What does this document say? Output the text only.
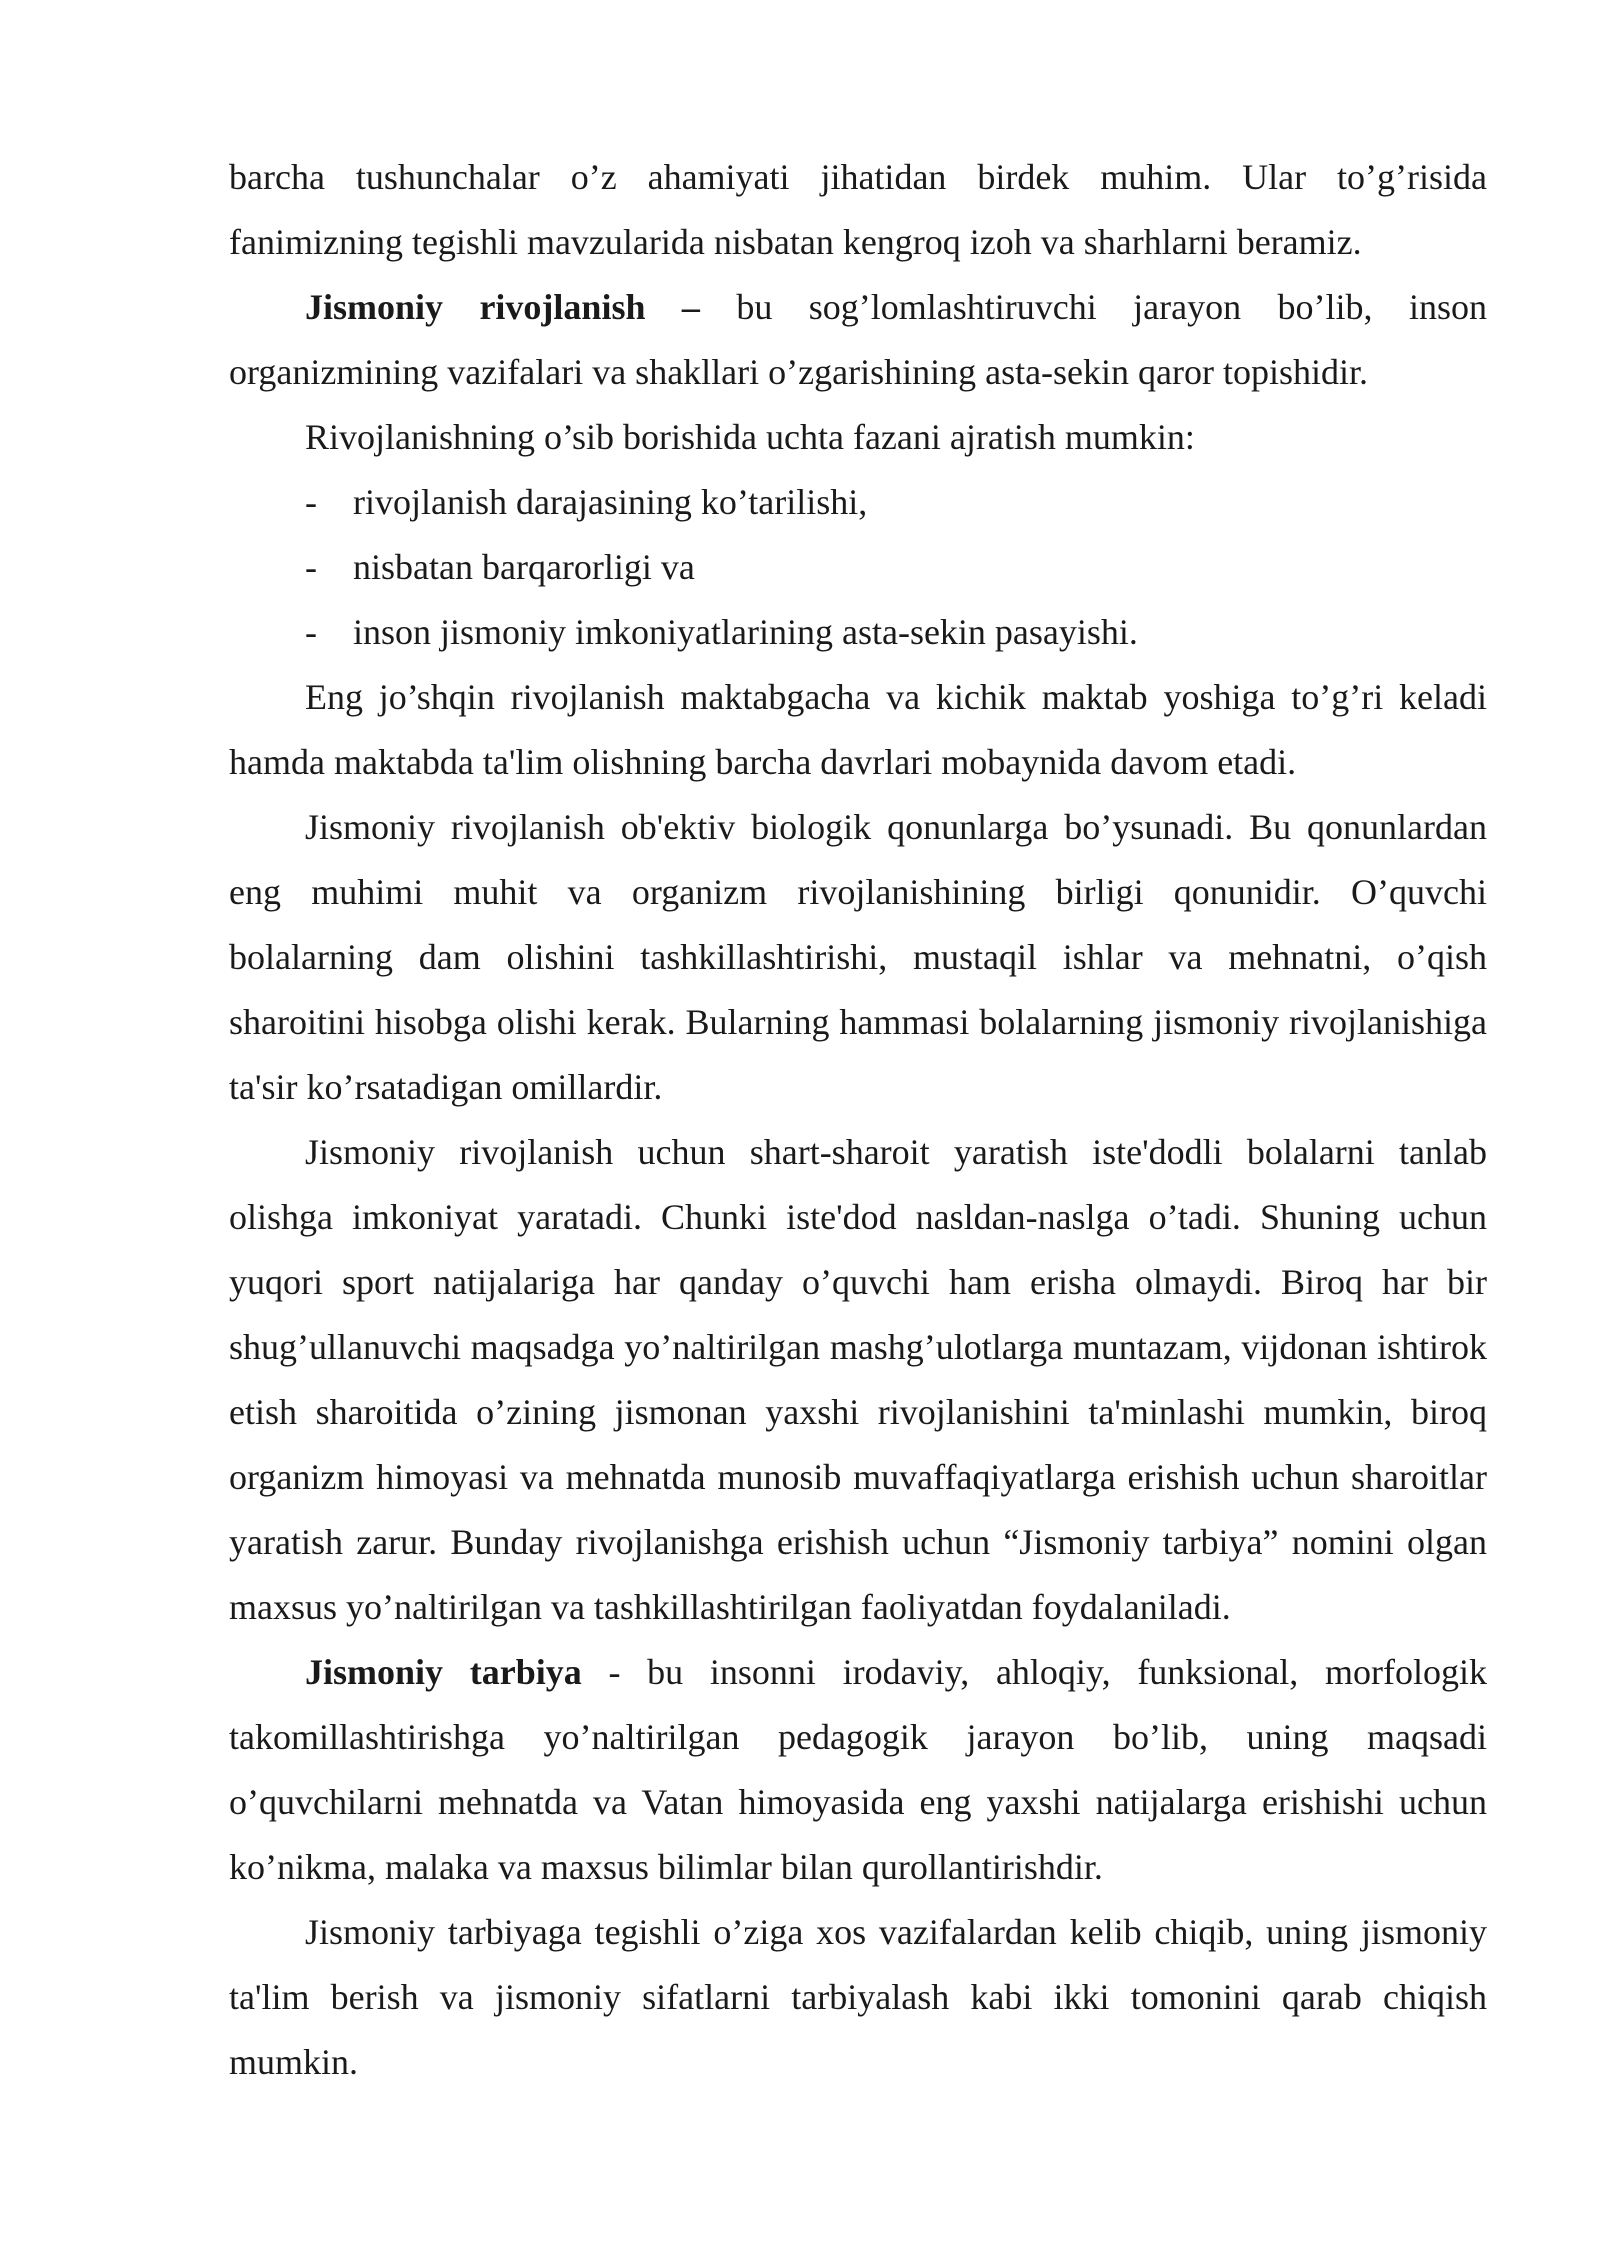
barcha tushunchalar o’z ahamiyati jihatidan birdek muhim. Ular to’g’risida fanimizning tegishli mavzularida nisbatan kengroq izoh va sharhlarni beramiz.

Jismoniy rivojlanish – bu sog’lomlashtiruvchi jarayon bo’lib, inson organizmining vazifalari va shakllari o’zgarishining asta-sekin qaror topishidir.

Rivojlanishning o’sib borishida uchta fazani ajratish mumkin:

-	rivojlanish darajasining ko’tarilishi,
-	nisbatan barqarorligi va
-	inson jismoniy imkoniyatlarining asta-sekin pasayishi.

Eng jo’shqin rivojlanish maktabgacha va kichik maktab yoshiga to’g’ri keladi hamda maktabda ta'lim olishning barcha davrlari mobaynida davom etadi.

Jismoniy rivojlanish ob'ektiv biologik qonunlarga bo’ysunadi. Bu qonunlardan eng muhimi muhit va organizm rivojlanishining birligi qonunidir. O’quvchi bolalarning dam olishini tashkillashtirishi, mustaqil ishlar va mehnatni, o’qish sharoitini hisobga olishi kerak. Bularning hammasi bolalarning jismoniy rivojlanishiga ta'sir ko’rsatadigan omillardir.

Jismoniy rivojlanish uchun shart-sharoit yaratish iste'dodli bolalarni tanlab olishga imkoniyat yaratadi. Chunki iste'dod nasldan-naslga o’tadi. Shuning uchun yuqori sport natijalariga har qanday o’quvchi ham erisha olmaydi. Biroq har bir shug’ullanuvchi maqsadga yo’naltirilgan mashg’ulotlarga muntazam, vijdonan ishtirok etish sharoitida o’zining jismonan yaxshi rivojlanishini ta'minlashi mumkin, biroq organizm himoyasi va mehnatda munosib muvaffaqiyatlarga erishish uchun sharoitlar yaratish zarur. Bunday rivojlanishga erishish uchun “Jismoniy tarbiya” nomini olgan maxsus yo’naltirilgan va tashkillashtirilgan faoliyatdan foydalaniladi.

Jismoniy tarbiya - bu insonni irodaviy, ahloqiy, funksional, morfologik takomillashtirishga yo’naltirilgan pedagogik jarayon bo’lib, uning maqsadi o’quvchilarni mehnatda va Vatan himoyasida eng yaxshi natijalarga erishishi uchun ko’nikma, malaka va maxsus bilimlar bilan qurollantirishdir.

Jismoniy tarbiyaga tegishli o’ziga xos vazifalardan kelib chiqib, uning jismoniy ta'lim berish va jismoniy sifatlarni tarbiyalash kabi ikki tomonini qarab chiqish mumkin.
